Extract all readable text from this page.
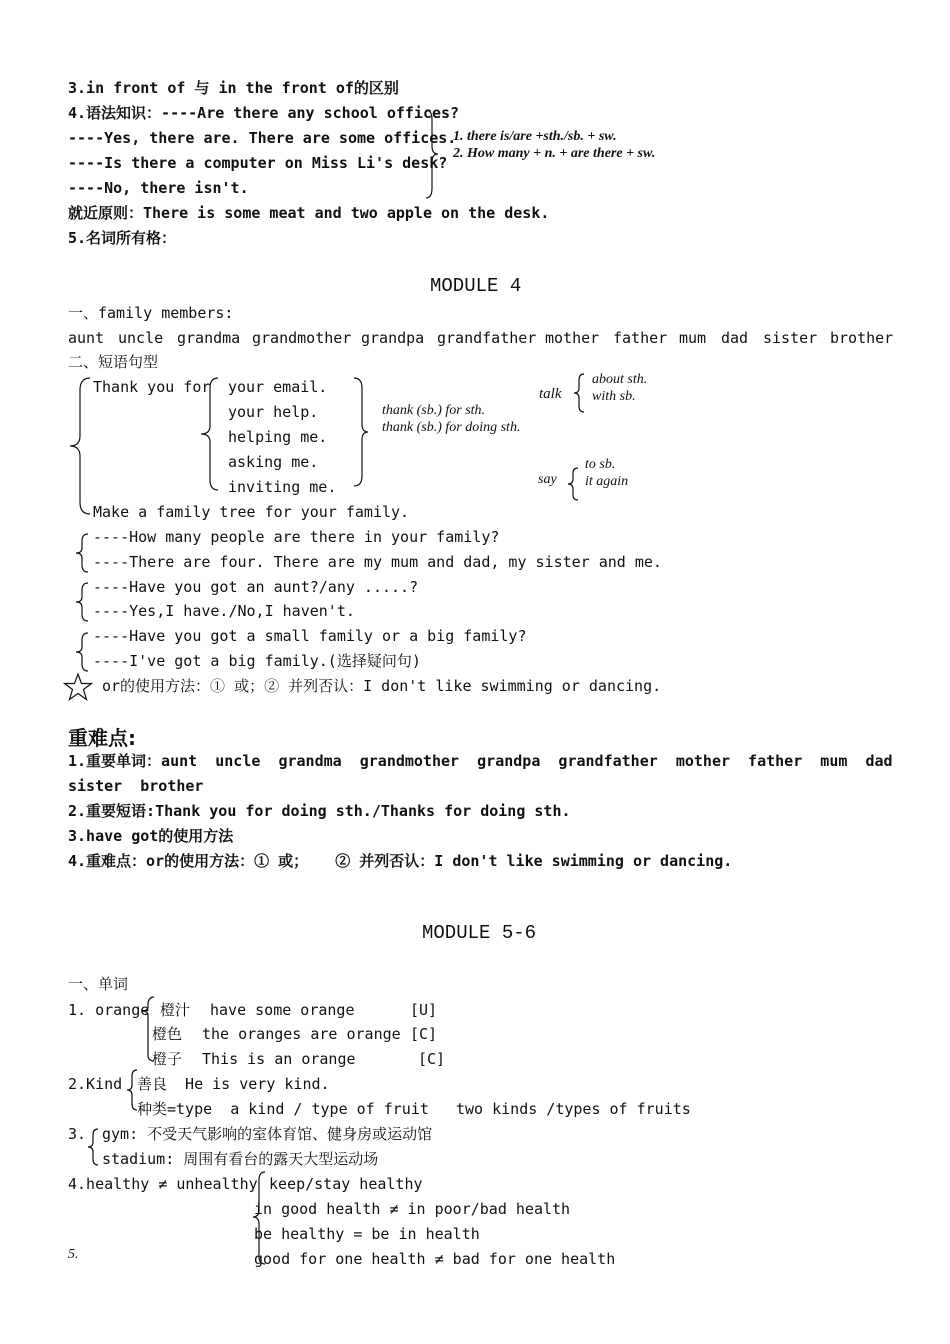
3.in front of 与 in the front of的区别
4.语法知识：----Are there any school offices?
----Yes, there are. There are some offices.
----Is there a computer on Miss Li's desk?
----No, there isn't.
1. there is/are +sth./sb. + sw.
2. How many + n. + are there + sw.
就近原则：There is some meat and two apple on the desk.
5.名词所有格：
MODULE 4
一、family members:
aunt uncle grandma grandmother grandpa grandfather mother father mum dad sister brother
二、短语句型
Thank you for your email.
your help.
helping me.
asking me.
inviting me.
thank (sb.) for sth.
thank (sb.) for doing sth.
talk
about sth.
with sb.
say
to sb.
it again
Make a family tree for your family.
----How many people are there in your family?
----There are four. There are my mum and dad, my sister and me.
----Have you got an aunt?/any .....?
----Yes,I have./No,I haven't.
----Have you got a small family or a big family?
----I've got a big family.(选择疑问句)
or的使用方法：① 或；② 并列否认：I don't like swimming or dancing.
重难点:
1.重要单词：aunt  uncle  grandma  grandmother  grandpa  grandfather  mother  father  mum  dad
sister  brother
2.重要短语:Thank you for doing sth./Thanks for doing sth.
3.have got的使用方法
4.重难点：or的使用方法：① 或；   ② 并列否认：I don't like swimming or dancing.
MODULE 5-6
一、单词
1. orange 橙汁 have some orange	[U]
橙色 the oranges are orange [C]
橙子 This is an orange	[C]
2.Kind 善良  He is very kind.
种类=type  a kind / type of fruit   two kinds /types of fruits
3. gym: 不受天气影响的室体育馆、健身房或运动馆
stadium: 周围有看台的露天大型运动场
4.healthy ≠ unhealthy keep/stay healthy
in good health ≠ in poor/bad health
be healthy = be in health
good for one health ≠ bad for one health
5.
